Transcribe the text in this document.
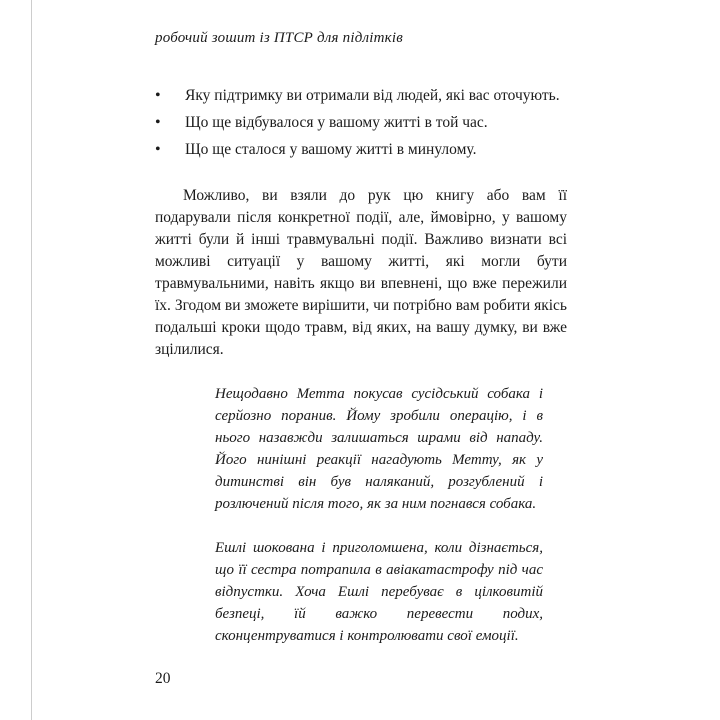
робочий зошит із ПТСР для підлітків
•	Яку підтримку ви отримали від людей, які вас оточують.
•	Що ще відбувалося у вашому житті в той час.
•	Що ще сталося у вашому житті в минулому.

Можливо, ви взяли до рук цю книгу або вам її подарували після конкретної події, але, ймовірно, у вашому житті були й інші травмувальні події. Важливо визнати всі можливі ситуації у вашому житті, які могли бути травмувальними, навіть якщо ви впевнені, що вже пережили їх. Згодом ви зможете вирішити, чи потрібно вам робити якісь подальші кроки щодо травм, від яких, на вашу думку, ви вже зцілилися.

Нещодавно Метта покусав сусідський собака і серйозно поранив. Йому зробили операцію, і в нього назавжди залишаться шрами від нападу. Його нинішні реакції нагадують Метту, як у дитинстві він був наляканий, розгублений і розлючений після того, як за ним погнався собака.

Ешлі шокована і приголомшена, коли дізнається, що її сестра потрапила в авіакатастрофу під час відпустки. Хоча Ешлі перебуває в цілковитій безпеці, їй важко перевести подих, сконцентруватися і контролювати свої емоції.

20
